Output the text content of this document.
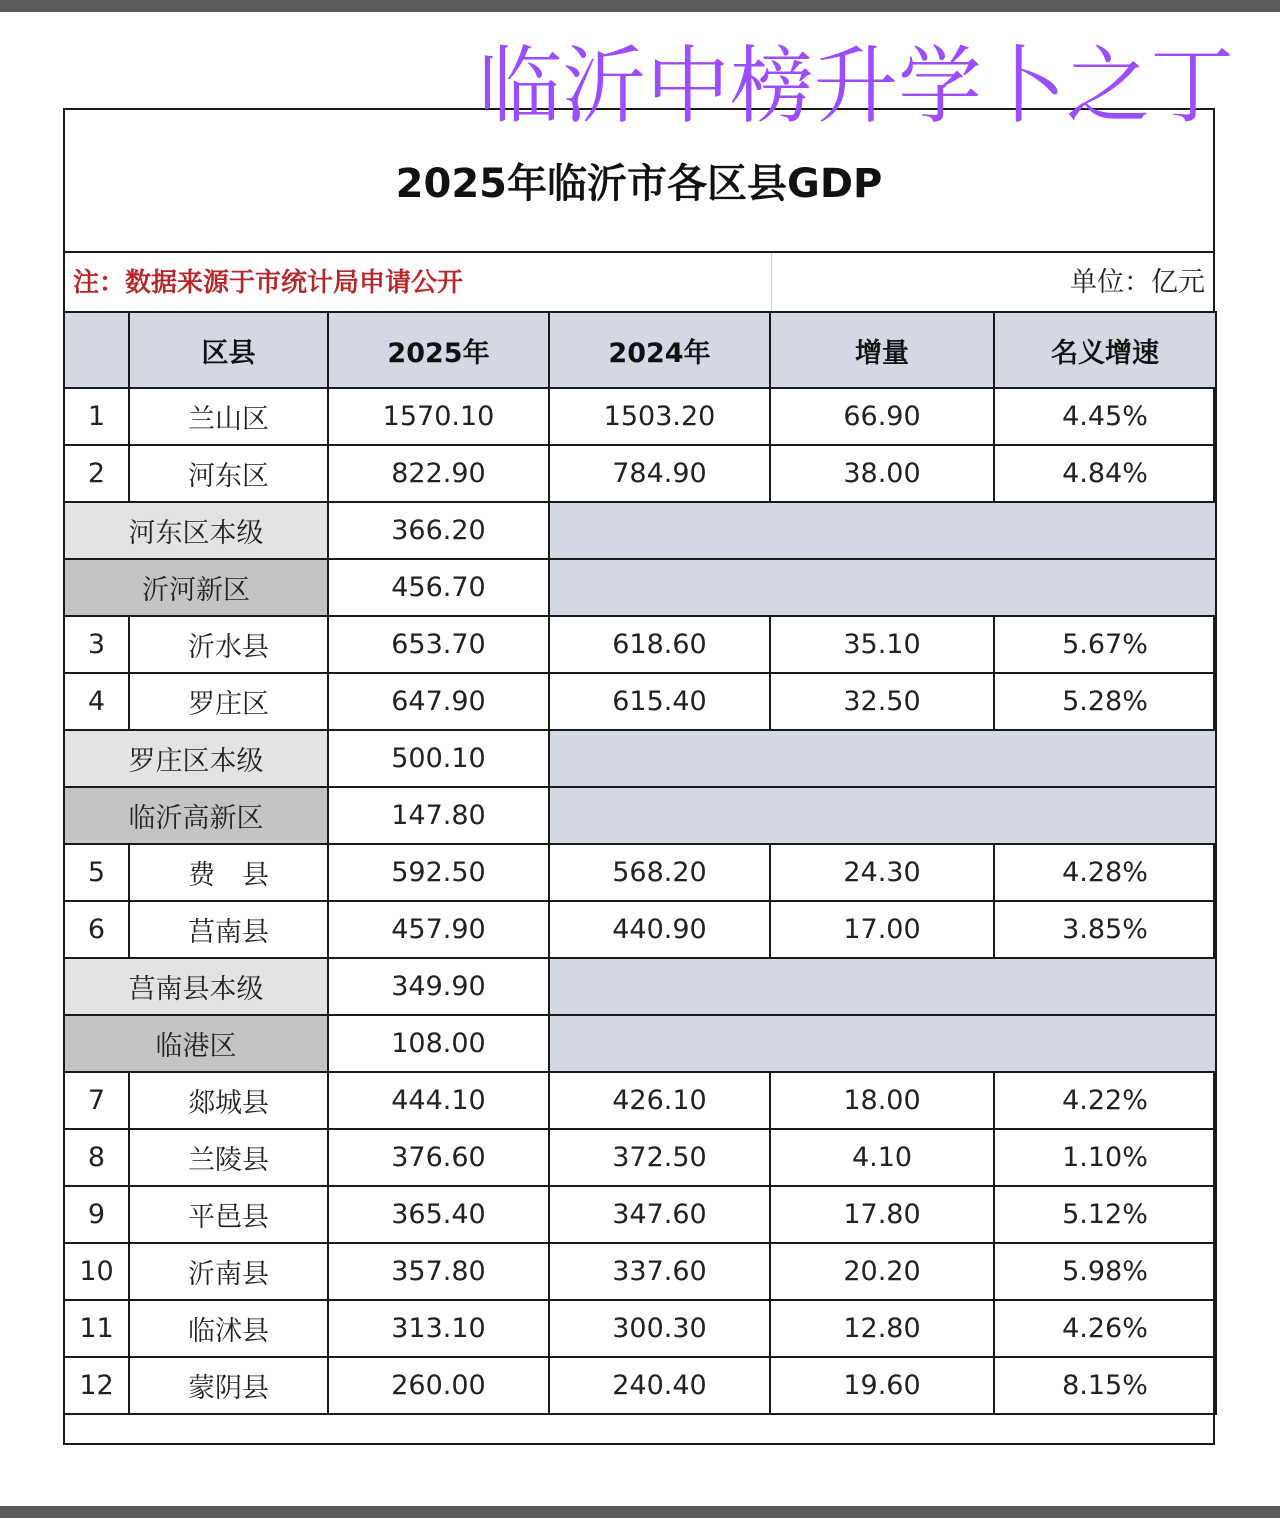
临沂中榜升学卜之丁
2025年临沂市各区县GDP
注：数据来源于市统计局申请公开	单位：亿元
	区县	2025年	2024年	增量	名义增速
1	兰山区	1570.10	1503.20	66.90	4.45%
2	河东区	822.90	784.90	38.00	4.84%
河东区本级		366.20			
沂河新区		456.70			
3	沂水县	653.70	618.60	35.10	5.67%
4	罗庄区	647.90	615.40	32.50	5.28%
罗庄区本级		500.10			
临沂高新区		147.80			
5	费　县	592.50	568.20	24.30	4.28%
6	莒南县	457.90	440.90	17.00	3.85%
莒南县本级		349.90			
临港区		108.00			
7	郯城县	444.10	426.10	18.00	4.22%
8	兰陵县	376.60	372.50	4.10	1.10%
9	平邑县	365.40	347.60	17.80	5.12%
10	沂南县	357.80	337.60	20.20	5.98%
11	临沭县	313.10	300.30	12.80	4.26%
12	蒙阴县	260.00	240.40	19.60	8.15%
